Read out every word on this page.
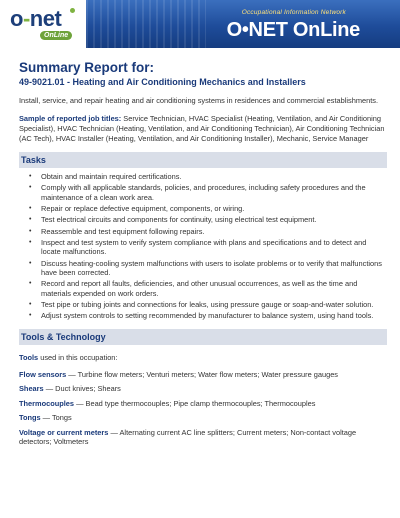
o-net
OnLine
Occupational Information Network
O•NET OnLine
Summary Report for:
49-9021.01 - Heating and Air Conditioning Mechanics and Installers

Install, service, and repair heating and air conditioning systems in residences and commercial establishments.

Sample of reported job titles: Service Technician, HVAC Specialist (Heating, Ventilation, and Air Conditioning Specialist), HVAC Technician (Heating, Ventilation, and Air Conditioning Technician), Air Conditioning Technician (AC Tech), HVAC Installer (Heating, Ventilation, and Air Conditioning Installer), Mechanic, Service Manager

Tasks
• Obtain and maintain required certifications.
• Comply with all applicable standards, policies, and procedures, including safety procedures and the maintenance of a clean work area.
• Repair or replace defective equipment, components, or wiring.
• Test electrical circuits and components for continuity, using electrical test equipment.
• Reassemble and test equipment following repairs.
• Inspect and test system to verify system compliance with plans and specifications and to detect and locate malfunctions.
• Discuss heating-cooling system malfunctions with users to isolate problems or to verify that malfunctions have been corrected.
• Record and report all faults, deficiencies, and other unusual occurrences, as well as the time and materials expended on work orders.
• Test pipe or tubing joints and connections for leaks, using pressure gauge or soap-and-water solution.
• Adjust system controls to setting recommended by manufacturer to balance system, using hand tools.
Tools & Technology

Tools used in this occupation:

Flow sensors — Turbine flow meters; Venturi meters; Water flow meters; Water pressure gauges
Shears — Duct knives; Shears
Thermocouples — Bead type thermocouples; Pipe clamp thermocouples; Thermocouples
Tongs — Tongs
Voltage or current meters — Alternating current AC line splitters; Current meters; Non-contact voltage detectors; Voltmeters
